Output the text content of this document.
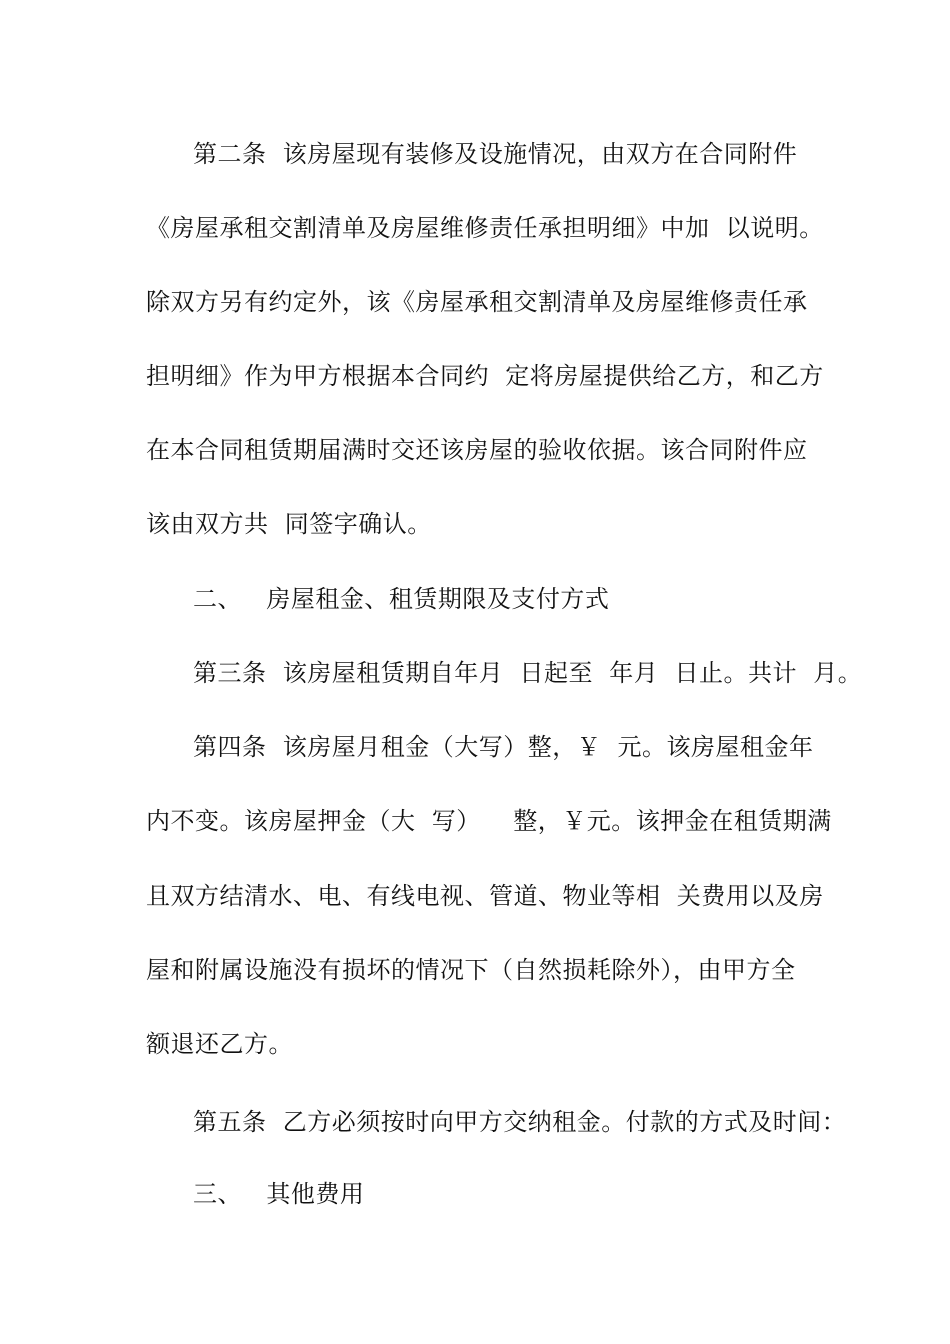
第二条  该房屋现有装修及设施情况，由双方在合同附件
《房屋承租交割清单及房屋维修责任承担明细》中加  以说明。
除双方另有约定外，该《房屋承租交割清单及房屋维修责任承
担明细》作为甲方根据本合同约  定将房屋提供给乙方，和乙方
在本合同租赁期届满时交还该房屋的验收依据。该合同附件应
该由双方共  同签字确认。
二、   房屋租金、租赁期限及支付方式
第三条  该房屋租赁期自年月  日起至  年月  日止。共计  月。
第四条  该房屋月租金（大写）整，￥  元。该房屋租金年
内不变。该房屋押金（大  写）    整，￥元。该押金在租赁期满
且双方结清水、电、有线电视、管道、物业等相  关费用以及房
屋和附属设施没有损坏的情况下（自然损耗除外），由甲方全
额退还乙方。
第五条  乙方必须按时向甲方交纳租金。付款的方式及时间：
三、   其他费用
